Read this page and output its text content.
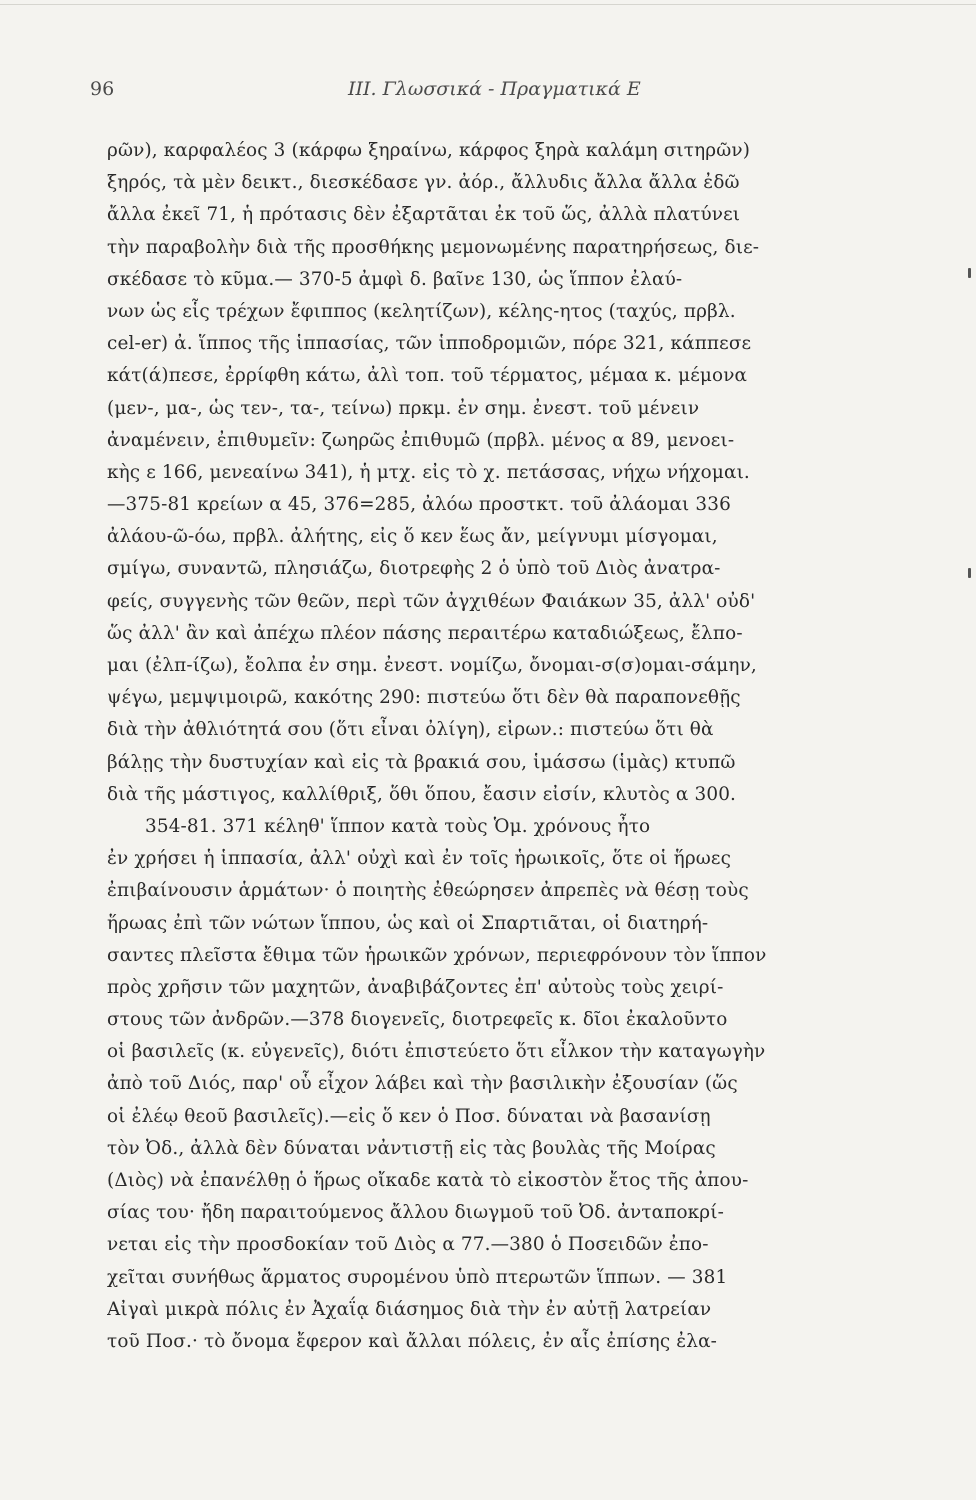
96	III. Γλωσσικά - Πραγματικά Ε
ρῶν), καρφαλέος 3 (κάρφω ξηραίνω, κάρφος ξηρὰ καλάμη σιτηρῶν)
ξηρός, τὰ μὲν δεικτ., διεσκέδασε γν. ἀόρ., ἄλλυδις ἄλλα ἄλλα ἐδῶ
ἄλλα ἐκεῖ 71, ἡ πρότασις δὲν ἐξαρτᾶται ἐκ τοῦ ὥς, ἀλλὰ πλατύνει
τὴν παραβολὴν διὰ τῆς προσθήκης μεμονωμένης παρατηρήσεως, διε-
σκέδασε τὸ κῦμα.— 370-5 ἀμφὶ δ. βαῖνε 130, ὡς ἵππον ἐλαύ-
νων ὡς εἷς τρέχων ἔφιππος (κελητίζων), κέλης-ητος (ταχύς, πρβλ.
cel-er) ἀ. ἵππος τῆς ἱππασίας, τῶν ἱπποδρομιῶν, πόρε 321, κάππεσε
κάτ(ά)πεσε, ἐρρίφθη κάτω, ἀλὶ τοπ. τοῦ τέρματος, μέμαα κ. μέμονα
(μεν-, μα-, ὡς τεν-, τα-, τείνω) πρκμ. ἐν σημ. ἐνεστ. τοῦ μένειν
ἀναμένειν, ἐπιθυμεῖν: ζωηρῶς ἐπιθυμῶ (πρβλ. μένος α 89, μενοει-
κὴς ε 166, μενεαίνω 341), ἡ μτχ. εἰς τὸ χ. πετάσσας, νήχω νήχομαι.
—375-81 κρείων α 45, 376=285, ἀλόω προστκτ. τοῦ ἀλάομαι 336
ἀλάου-ῶ-όω, πρβλ. ἀλήτης, εἰς ὅ κεν ἕως ἄν, μείγνυμι μίσγομαι,
σμίγω, συναντῶ, πλησιάζω, διοτρεφὴς 2 ὁ ὑπὸ τοῦ Διὸς ἀνατρα-
φείς, συγγενὴς τῶν θεῶν, περὶ τῶν ἀγχιθέων Φαιάκων 35, ἀλλ' οὐδ'
ὥς ἀλλ' ἂν καὶ ἀπέχω πλέον πάσης περαιτέρω καταδιώξεως, ἔλπο-
μαι (ἐλπ-ίζω), ἔολπα ἐν σημ. ἐνεστ. νομίζω, ὄνομαι-σ(σ)ομαι-σάμην,
ψέγω, μεμψιμοιρῶ, κακότης 290: πιστεύω ὅτι δὲν θὰ παραπονεθῇς
διὰ τὴν ἀθλιότητά σου (ὅτι εἶναι ὀλίγη), εἰρων.: πιστεύω ὅτι θὰ
βάλῃς τὴν δυστυχίαν καὶ εἰς τὰ βρακιά σου, ἱμάσσω (ἱμὰς) κτυπῶ
διὰ τῆς μάστιγος, καλλίθριξ, ὅθι ὅπου, ἔασιν εἰσίν, κλυτὸς α 300.
354-81. 371 κέληθ' ἵππον κατὰ τοὺς Ὁμ. χρόνους ἦτο
ἐν χρήσει ἡ ἱππασία, ἀλλ' οὐχὶ καὶ ἐν τοῖς ἡρωικοῖς, ὅτε οἱ ἥρωες
ἐπιβαίνουσιν ἁρμάτων· ὁ ποιητὴς ἐθεώρησεν ἀπρεπὲς νὰ θέσῃ τοὺς
ἥρωας ἐπὶ τῶν νώτων ἵππου, ὡς καὶ οἱ Σπαρτιᾶται, οἱ διατηρή-
σαντες πλεῖστα ἔθιμα τῶν ἡρωικῶν χρόνων, περιεφρόνουν τὸν ἵππον
πρὸς χρῆσιν τῶν μαχητῶν, ἀναβιβάζοντες ἐπ' αὐτοὺς τοὺς χειρί-
στους τῶν ἀνδρῶν.—378 διογενεῖς, διοτρεφεῖς κ. δῖοι ἐκαλοῦντο
οἱ βασιλεῖς (κ. εὐγενεῖς), διότι ἐπιστεύετο ὅτι εἷλκον τὴν καταγωγὴν
ἀπὸ τοῦ Διός, παρ' οὗ εἶχον λάβει καὶ τὴν βασιλικὴν ἐξουσίαν (ὥς
οἱ ἐλέῳ θεοῦ βασιλεῖς).—εἰς ὅ κεν ὁ Ποσ. δύναται νὰ βασανίσῃ
τὸν Ὀδ., ἀλλὰ δὲν δύναται νἀντιστῇ εἰς τὰς βουλὰς τῆς Μοίρας
(Διὸς) νὰ ἐπανέλθῃ ὁ ἥρως οἴκαδε κατὰ τὸ εἰκοστὸν ἔτος τῆς ἀπου-
σίας του· ἤδη παραιτούμενος ἄλλου διωγμοῦ τοῦ Ὀδ. ἀνταποκρί-
νεται εἰς τὴν προσδοκίαν τοῦ Διὸς α 77.—380 ὁ Ποσειδῶν ἐπο-
χεῖται συνήθως ἅρματος συρομένου ὑπὸ πτερωτῶν ἵππων. — 381
Αἰγαὶ μικρὰ πόλις ἐν Ἀχαΐᾳ διάσημος διὰ τὴν ἐν αὐτῇ λατρείαν
τοῦ Ποσ.· τὸ ὄνομα ἔφερον καὶ ἄλλαι πόλεις, ἐν αἷς ἐπίσης ἐλα-
